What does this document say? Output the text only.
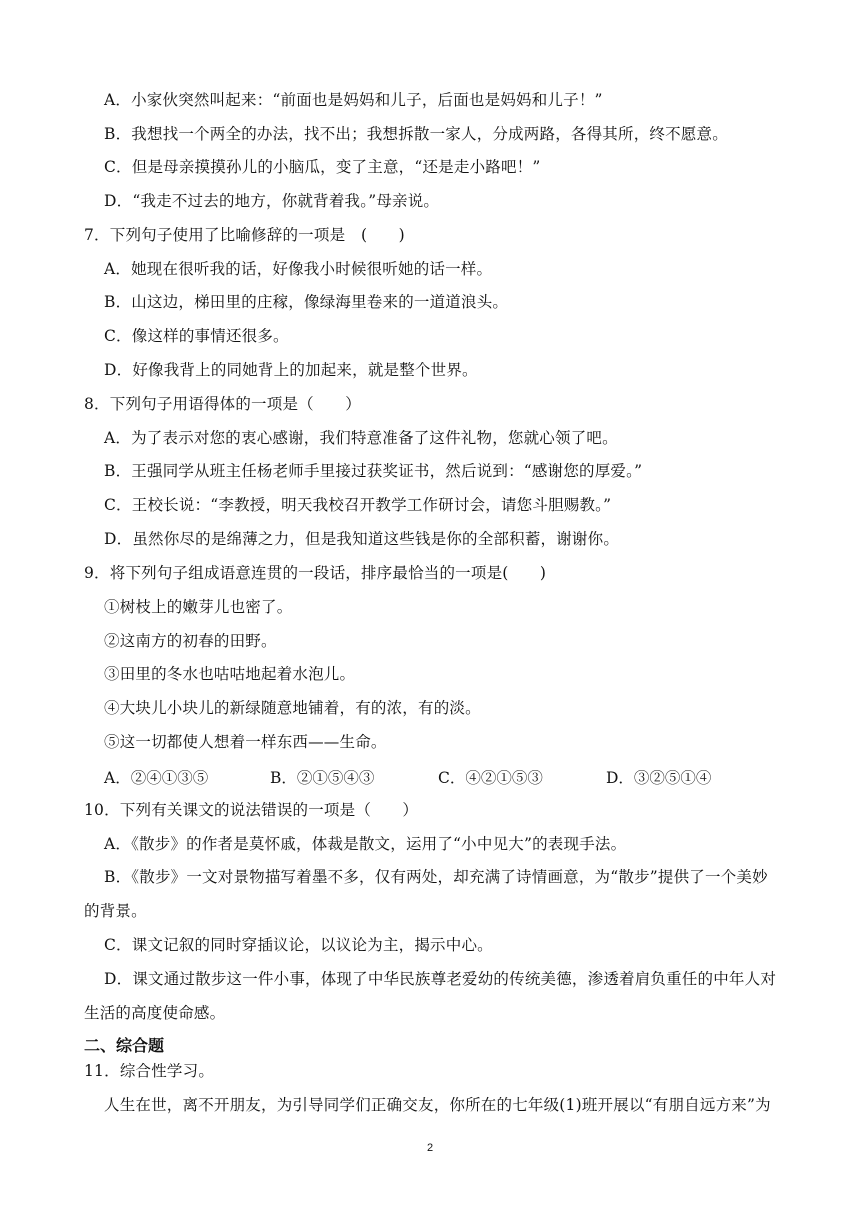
A．小家伙突然叫起来：“前面也是妈妈和儿子，后面也是妈妈和儿子！”
B．我想找一个两全的办法，找不出；我想拆散一家人，分成两路，各得其所，终不愿意。
C．但是母亲摸摸孙儿的小脑瓜，变了主意，“还是走小路吧！”
D．“我走不过去的地方，你就背着我。”母亲说。
7．下列句子使用了比喻修辞的一项是　(　　)
A．她现在很听我的话，好像我小时候很听她的话一样。
B．山这边，梯田里的庄稼，像绿海里卷来的一道道浪头。
C．像这样的事情还很多。
D．好像我背上的同她背上的加起来，就是整个世界。
8．下列句子用语得体的一项是（　　）
A．为了表示对您的衷心感谢，我们特意准备了这件礼物，您就心领了吧。
B．王强同学从班主任杨老师手里接过获奖证书，然后说到：“感谢您的厚爱。”
C．王校长说：“李教授，明天我校召开教学工作研讨会，请您斗胆赐教。”
D．虽然你尽的是绵薄之力，但是我知道这些钱是你的全部积蓄，谢谢你。
9．将下列句子组成语意连贯的一段话，排序最恰当的一项是(　　)
①树枝上的嫩芽儿也密了。
②这南方的初春的田野。
③田里的冬水也咕咕地起着水泡儿。
④大块儿小块儿的新绿随意地铺着，有的浓，有的淡。
⑤这一切都使人想着一样东西——生命。
A．②④①③⑤	B．②①⑤④③	C．④②①⑤③	D．③②⑤①④
10．下列有关课文的说法错误的一项是（　　）
A．《散步》的作者是莫怀戚，体裁是散文，运用了“小中见大”的表现手法。
B．《散步》一文对景物描写着墨不多，仅有两处，却充满了诗情画意，为“散步”提供了一个美妙
的背景。
C．课文记叙的同时穿插议论，以议论为主，揭示中心。
D．课文通过散步这一件小事，体现了中华民族尊老爱幼的传统美德，渗透着肩负重任的中年人对
生活的高度使命感。
二、综合题
11．综合性学习。
人生在世，离不开朋友，为引导同学们正确交友，你所在的七年级(1)班开展以“有朋自远方来”为
2
